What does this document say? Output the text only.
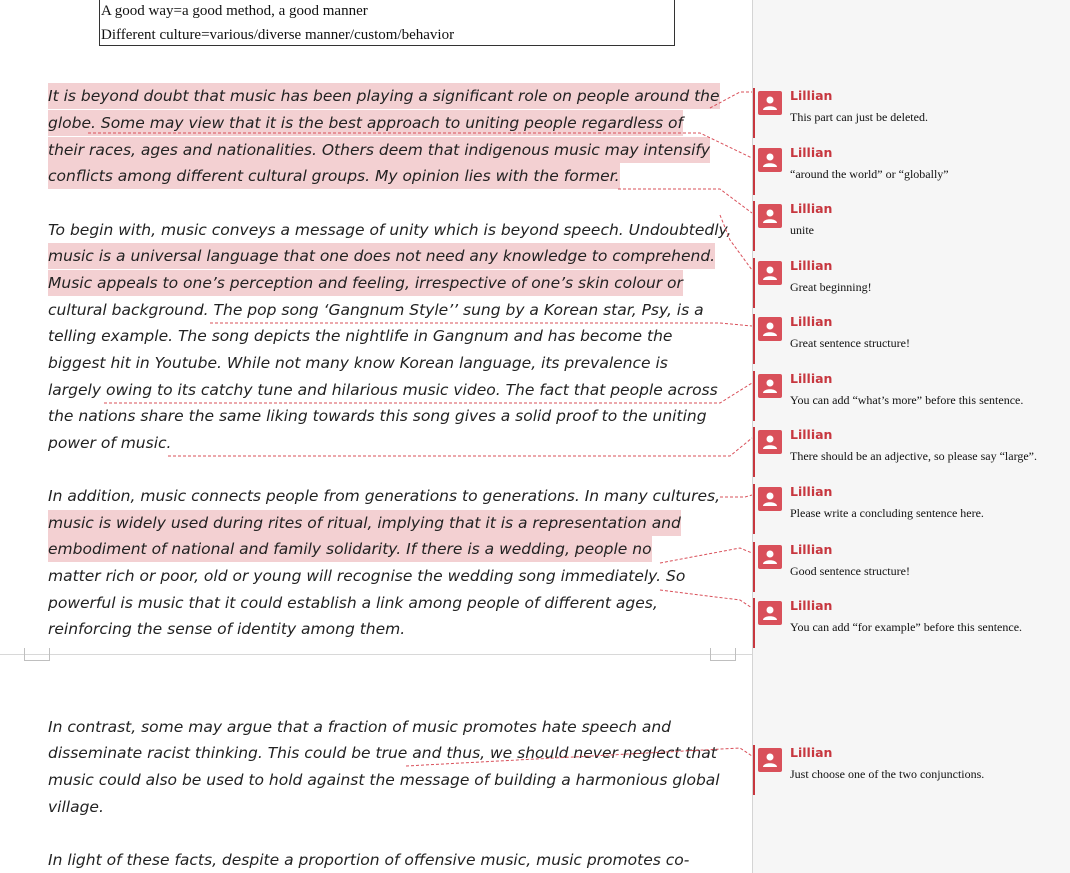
A good way=a good method, a good manner
Different culture=various/diverse manner/custom/behavior
It is beyond doubt that music has been playing a significant role on people around the
globe. Some may view that it is the best approach to uniting people regardless of
their races, ages and nationalities. Others deem that indigenous music may intensify
conflicts among different cultural groups. My opinion lies with the former.
To begin with, music conveys a message of unity which is beyond speech. Undoubtedly,
music is a universal language that one does not need any knowledge to comprehend.
Music appeals to one’s perception and feeling, irrespective of one’s skin colour or
cultural background. The pop song ‘Gangnum Style’’ sung by a Korean star, Psy, is a
telling example. The song depicts the nightlife in Gangnum and has become the
biggest hit in Youtube. While not many know Korean language, its prevalence is
largely owing to its catchy tune and hilarious music video. The fact that people across
the nations share the same liking towards this song gives a solid proof to the uniting
power of music.
In addition, music connects people from generations to generations. In many cultures,
music is widely used during rites of ritual, implying that it is a representation and
embodiment of national and family solidarity. If there is a wedding, people no
matter rich or poor, old or young will recognise the wedding song immediately. So
powerful is music that it could establish a link among people of different ages,
reinforcing the sense of identity among them.
In contrast, some may argue that a fraction of music promotes hate speech and
disseminate racist thinking. This could be true and thus, we should never neglect that
music could also be used to hold against the message of building a harmonious global
village.
In light of these facts, despite a proportion of offensive music, music promotes co-
Lillian
This part can just be deleted.
Lillian
“around the world” or “globally”
Lillian
unite
Lillian
Great beginning!
Lillian
Great sentence structure!
Lillian
You can add “what’s more” before this sentence.
Lillian
There should be an adjective, so please say “large”.
Lillian
Please write a concluding sentence here.
Lillian
Good sentence structure!
Lillian
You can add “for example” before this sentence.
Lillian
Just choose one of the two conjunctions.
